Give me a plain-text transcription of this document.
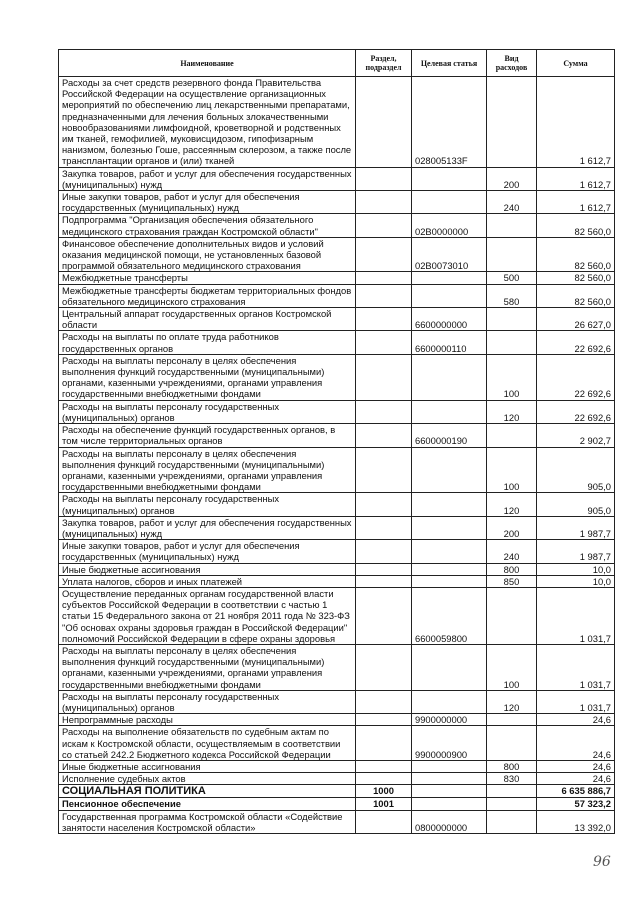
Наименование	Раздел, подраздел	Целевая статья	Вид расходов	Сумма
Расходы за счет средств резервного фонда Правительства Российской Федерации на осуществление организационных мероприятий по обеспечению лиц лекарственными препаратами, предназначенными для лечения больных злокачественными новообразованиями лимфоидной, кроветворной и родственных им тканей, гемофилией, муковисцидозом, гипофизарным нанизмом, болезнью Гоше, рассеянным склерозом, а также после трансплантации органов и (или) тканей		028005133F		1 612,7
Закупка товаров, работ и услуг для обеспечения государственных (муниципальных) нужд			200	1 612,7
Иные закупки товаров, работ и услуг для обеспечения государственных (муниципальных) нужд			240	1 612,7
Подпрограмма "Организация обеспечения обязательного медицинского страхования граждан Костромской области"		02В0000000		82 560,0
Финансовое обеспечение дополнительных видов и условий оказания медицинской помощи, не установленных базовой программой обязательного медицинского страхования		02В0073010		82 560,0
Межбюджетные трансферты			500	82 560,0
Межбюджетные трансферты бюджетам территориальных фондов обязательного медицинского страхования			580	82 560,0
Центральный аппарат государственных органов Костромской области		6600000000		26 627,0
Расходы на выплаты по оплате труда работников государственных органов		6600000110		22 692,6
Расходы на выплаты персоналу в целях обеспечения выполнения функций государственными (муниципальными) органами, казенными учреждениями, органами управления государственными внебюджетными фондами			100	22 692,6
Расходы на выплаты персоналу государственных (муниципальных) органов			120	22 692,6
Расходы на обеспечение функций государственных органов, в том числе территориальных органов		6600000190		2 902,7
Расходы на выплаты персоналу в целях обеспечения выполнения функций государственными (муниципальными) органами, казенными учреждениями, органами управления государственными внебюджетными фондами			100	905,0
Расходы на выплаты персоналу государственных (муниципальных) органов			120	905,0
Закупка товаров, работ и услуг для обеспечения государственных (муниципальных) нужд			200	1 987,7
Иные закупки товаров, работ и услуг для обеспечения государственных (муниципальных) нужд			240	1 987,7
Иные бюджетные ассигнования			800	10,0
Уплата налогов, сборов и иных платежей			850	10,0
Осуществление переданных органам государственной власти субъектов Российской Федерации в соответствии с частью 1 статьи 15 Федерального закона от 21 ноября 2011 года № 323-ФЗ "Об основах охраны здоровья граждан в Российской Федерации" полномочий Российской Федерации в сфере охраны здоровья		6600059800		1 031,7
Расходы на выплаты персоналу в целях обеспечения выполнения функций государственными (муниципальными) органами, казенными учреждениями, органами управления государственными внебюджетными фондами			100	1 031,7
Расходы на выплаты персоналу государственных (муниципальных) органов			120	1 031,7
Непрограммные расходы		9900000000		24,6
Расходы на выполнение обязательств по судебным актам по искам к Костромской области, осуществляемым в соответствии со статьей 242.2 Бюджетного кодекса Российской Федерации		9900000900		24,6
Иные бюджетные ассигнования			800	24,6
Исполнение судебных актов			830	24,6
СОЦИАЛЬНАЯ ПОЛИТИКА	1000			6 635 886,7
Пенсионное обеспечение	1001			57 323,2
Государственная программа Костромской области «Содействие занятости населения Костромской области»		0800000000		13 392,0
96
